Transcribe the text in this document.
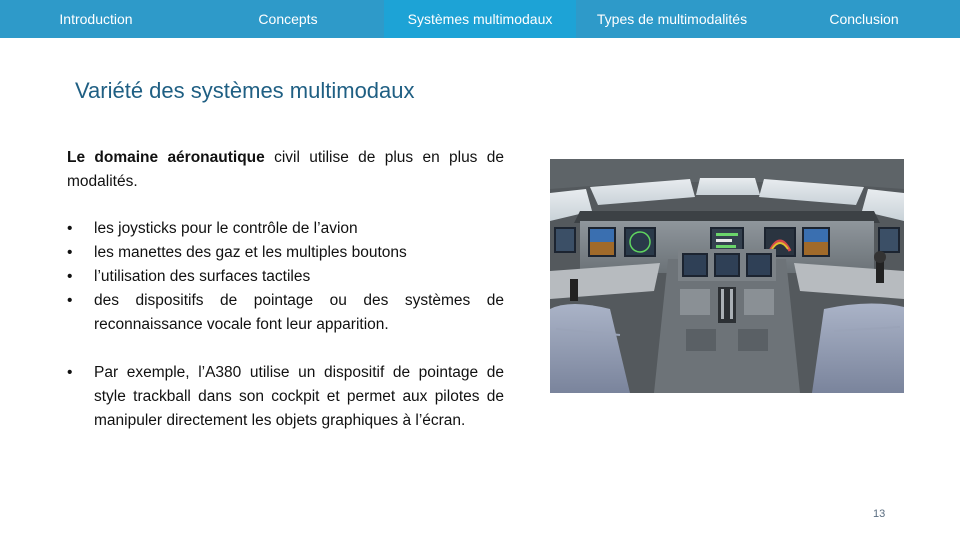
Introduction	Concepts	Systèmes multimodaux	Types de multimodalités	Conclusion
Variété des systèmes multimodaux
Le domaine aéronautique civil utilise de plus en plus de modalités.
• les joysticks pour le contrôle de l’avion
• les manettes des gaz et les multiples boutons
• l’utilisation des surfaces tactiles
• des dispositifs de pointage ou des systèmes de reconnaissance vocale font leur apparition.
• Par exemple, l’A380 utilise un dispositif de pointage de style trackball dans son cockpit et permet aux pilotes de manipuler directement les objets graphiques à l’écran.
13
